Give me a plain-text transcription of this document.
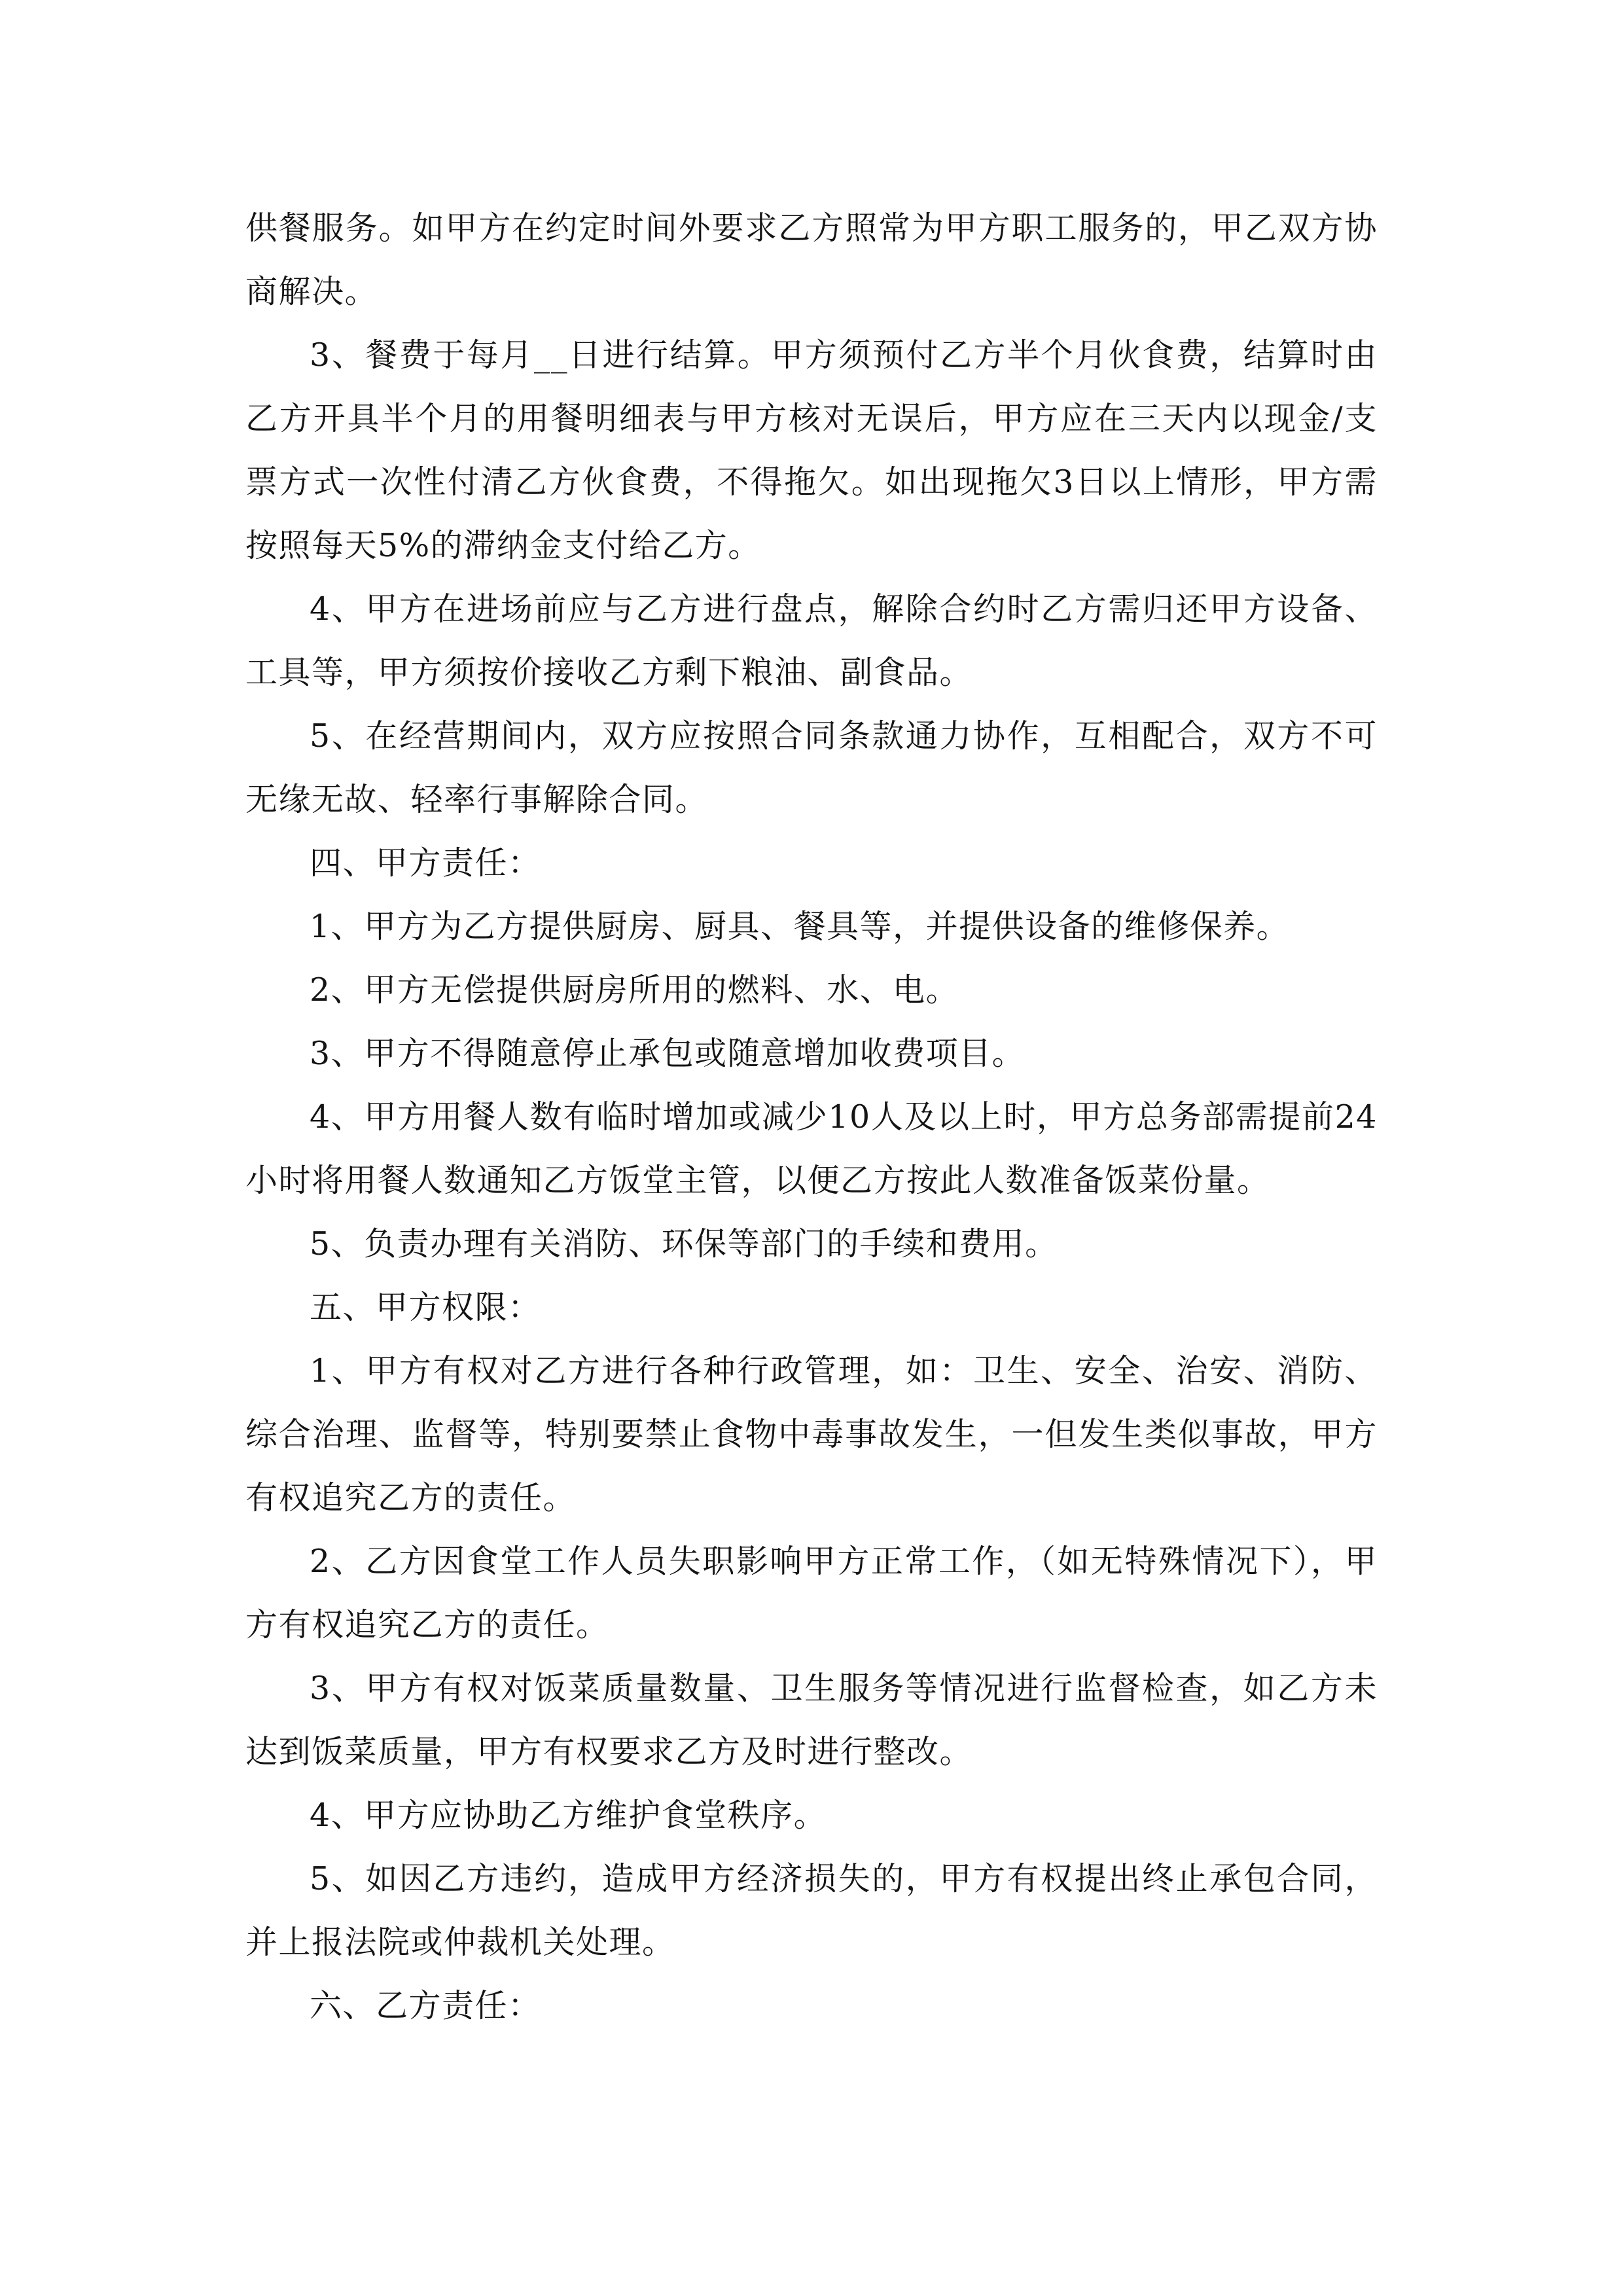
供餐服务。如甲方在约定时间外要求乙方照常为甲方职工服务的，甲乙双方协商解决。

3、餐费于每月__日进行结算。甲方须预付乙方半个月伙食费，结算时由乙方开具半个月的用餐明细表与甲方核对无误后，甲方应在三天内以现金/支票方式一次性付清乙方伙食费，不得拖欠。如出现拖欠3日以上情形，甲方需按照每天5%的滞纳金支付给乙方。

4、甲方在进场前应与乙方进行盘点，解除合约时乙方需归还甲方设备、工具等，甲方须按价接收乙方剩下粮油、副食品。

5、在经营期间内，双方应按照合同条款通力协作，互相配合，双方不可无缘无故、轻率行事解除合同。

四、甲方责任：

1、甲方为乙方提供厨房、厨具、餐具等，并提供设备的维修保养。

2、甲方无偿提供厨房所用的燃料、水、电。

3、甲方不得随意停止承包或随意增加收费项目。

4、甲方用餐人数有临时增加或减少10人及以上时，甲方总务部需提前24小时将用餐人数通知乙方饭堂主管，以便乙方按此人数准备饭菜份量。

5、负责办理有关消防、环保等部门的手续和费用。

五、甲方权限：

1、甲方有权对乙方进行各种行政管理，如：卫生、安全、治安、消防、综合治理、监督等，特别要禁止食物中毒事故发生，一但发生类似事故，甲方有权追究乙方的责任。

2、乙方因食堂工作人员失职影响甲方正常工作，（如无特殊情况下），甲方有权追究乙方的责任。

3、甲方有权对饭菜质量数量、卫生服务等情况进行监督检查，如乙方未达到饭菜质量，甲方有权要求乙方及时进行整改。

4、甲方应协助乙方维护食堂秩序。

5、如因乙方违约，造成甲方经济损失的，甲方有权提出终止承包合同，并上报法院或仲裁机关处理。

六、乙方责任：
